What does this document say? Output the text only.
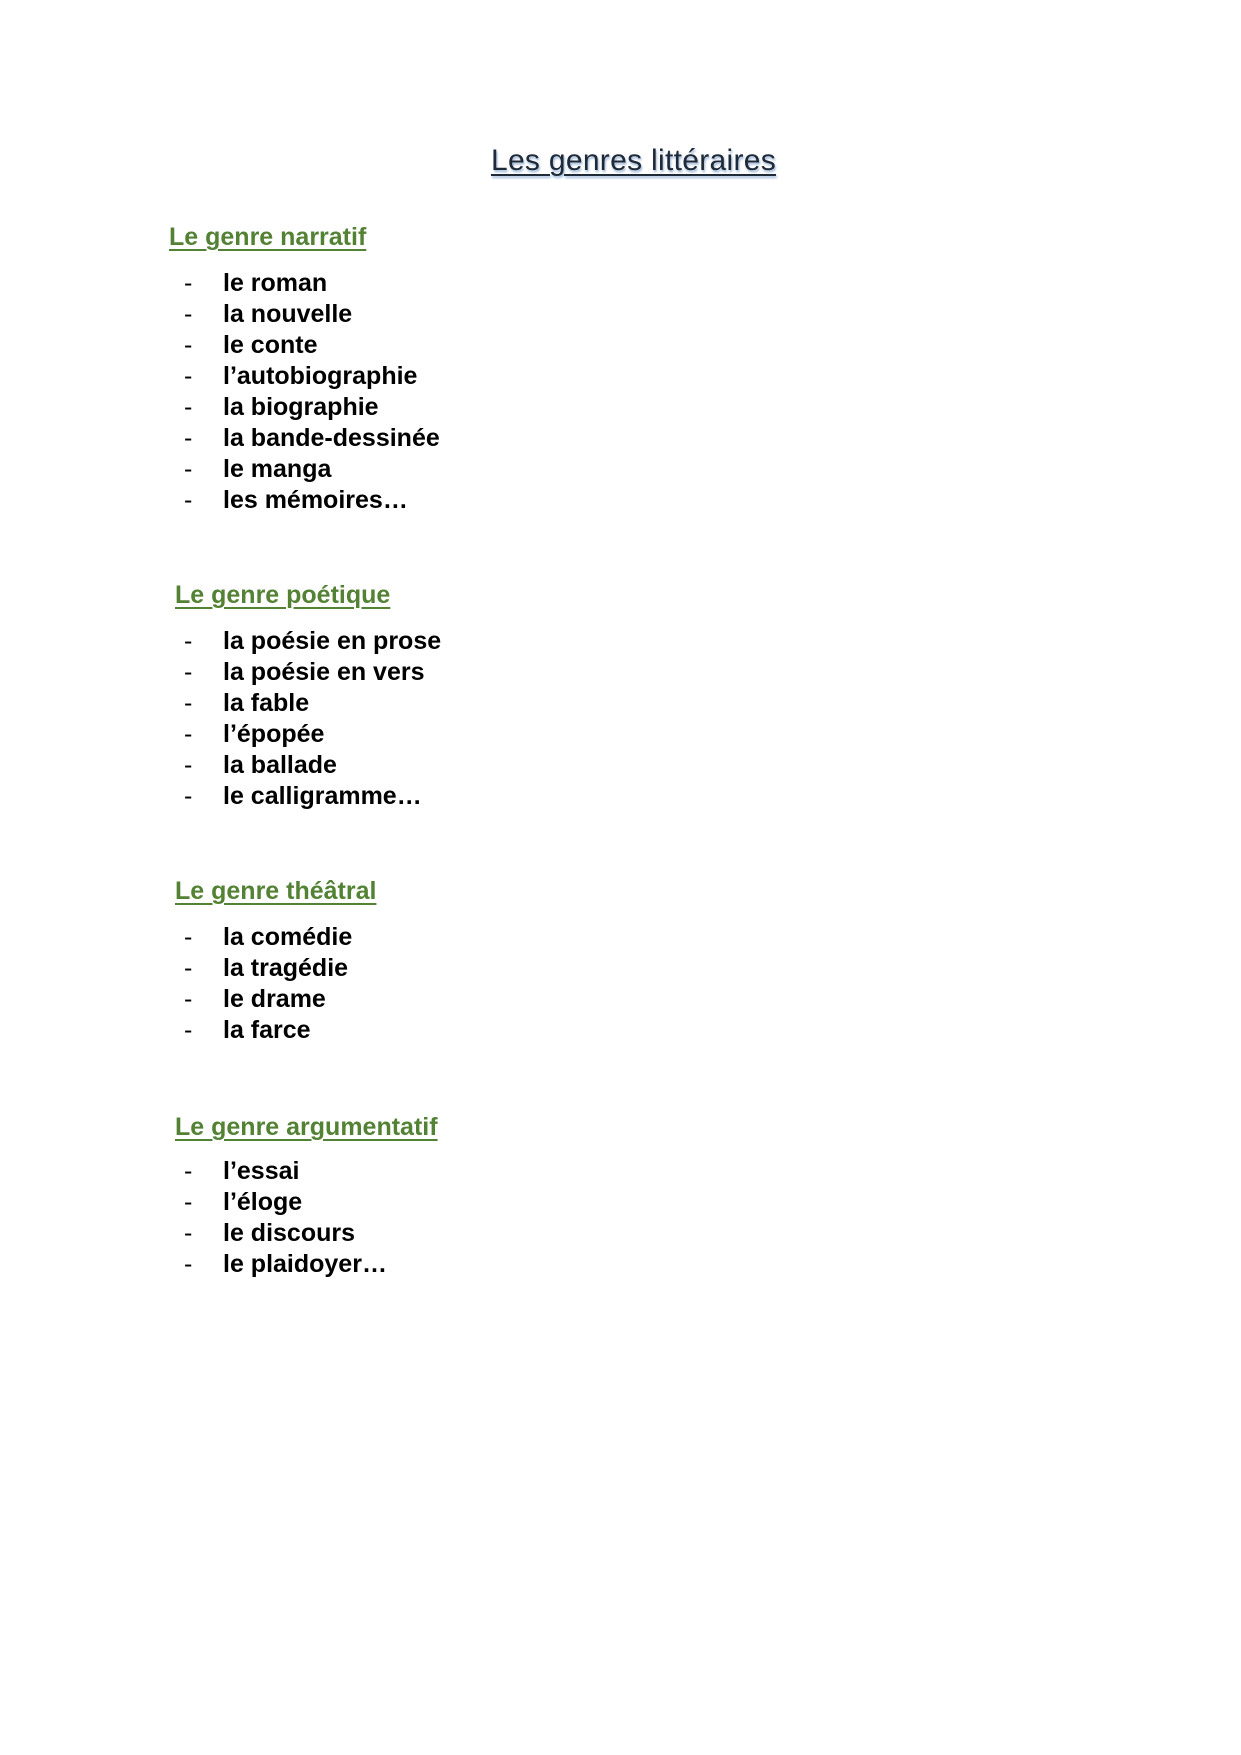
Les genres littéraires
Le genre narratif
- le roman
- la nouvelle
- le conte
- l’autobiographie
- la biographie
- la bande-dessinée
- le manga
- les mémoires…
Le genre poétique
- la poésie en prose
- la poésie en vers
- la fable
- l’épopée
- la ballade
- le calligramme…
Le genre théâtral
- la comédie
- la tragédie
- le drame
- la farce
Le genre argumentatif
- l’essai
- l’éloge
- le discours
- le plaidoyer…
